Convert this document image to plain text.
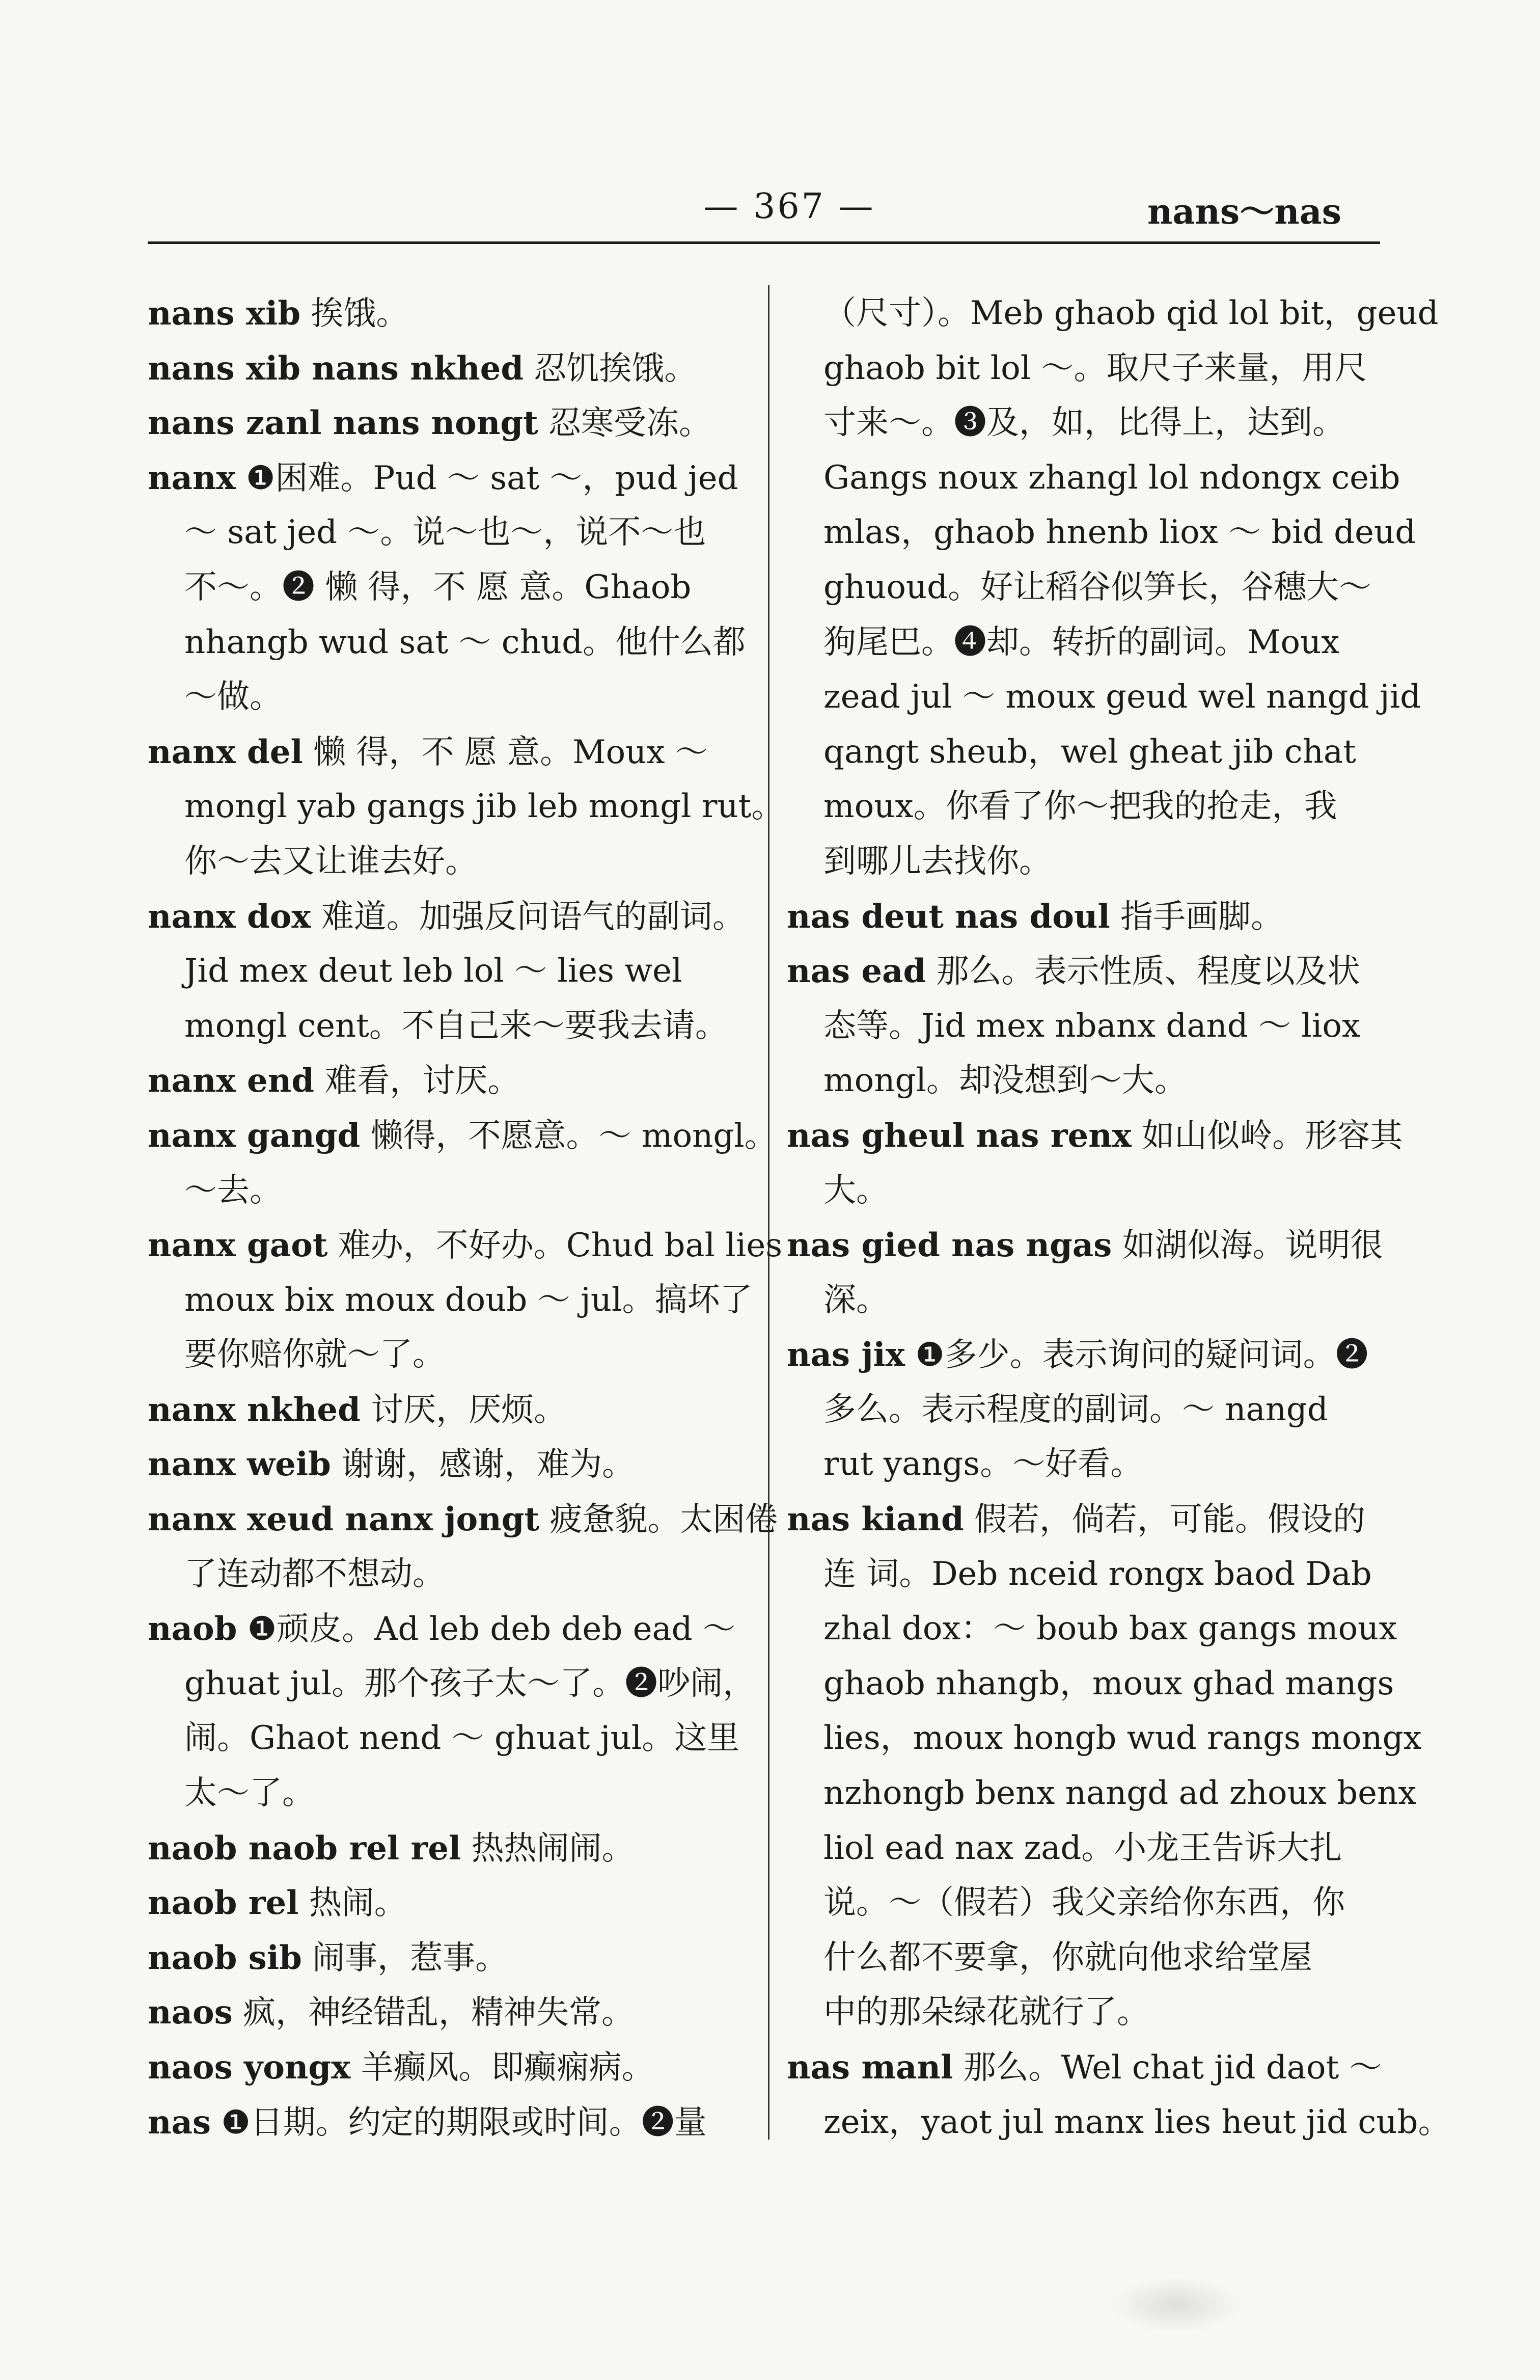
— 367 —	nans～nas
nans xib 挨饿。
nans xib nans nkhed 忍饥挨饿。
nans zanl nans nongt 忍寒受冻。
nanx ❶困难。Pud ～ sat ～，pud jed
～ sat jed ～。说～也～，说不～也
不～。❷ 懒 得，不 愿 意。Ghaob
nhangb wud sat ～ chud。他什么都
～做。
nanx del 懒 得，不 愿 意。Moux ～
mongl yab gangs jib leb mongl rut。
你～去又让谁去好。
nanx dox 难道。加强反问语气的副词。
Jid mex deut leb lol ～ lies wel
mongl cent。不自己来～要我去请。
nanx end 难看，讨厌。
nanx gangd 懒得，不愿意。～ mongl。
～去。
nanx gaot 难办，不好办。Chud bal lies
moux bix moux doub ～ jul。搞坏了
要你赔你就～了。
nanx nkhed 讨厌，厌烦。
nanx weib 谢谢，感谢，难为。
nanx xeud nanx jongt 疲惫貌。太困倦
了连动都不想动。
naob ❶顽皮。Ad leb deb deb ead ～
ghuat jul。那个孩子太～了。❷吵闹，
闹。Ghaot nend ～ ghuat jul。这里
太～了。
naob naob rel rel 热热闹闹。
naob rel 热闹。
naob sib 闹事，惹事。
naos 疯，神经错乱，精神失常。
naos yongx 羊癫风。即癫痫病。
nas ❶日期。约定的期限或时间。❷量
（尺寸）。Meb ghaob qid lol bit，geud
ghaob bit lol ～。取尺子来量，用尺
寸来～。❸及，如，比得上，达到。
Gangs noux zhangl lol ndongx ceib
mlas，ghaob hnenb liox ～ bid deud
ghuoud。好让稻谷似笋长，谷穗大～
狗尾巴。❹却。转折的副词。Moux
zead jul ～ moux geud wel nangd jid
qangt sheub，wel gheat jib chat
moux。你看了你～把我的抢走，我
到哪儿去找你。
nas deut nas doul 指手画脚。
nas ead 那么。表示性质、程度以及状
态等。Jid mex nbanx dand ～ liox
mongl。却没想到～大。
nas gheul nas renx 如山似岭。形容其
大。
nas gied nas ngas 如湖似海。说明很
深。
nas jix ❶多少。表示询问的疑问词。❷
多么。表示程度的副词。～ nangd
rut yangs。～好看。
nas kiand 假若，倘若，可能。假设的
连 词。Deb nceid rongx baod Dab
zhal dox：～ boub bax gangs moux
ghaob nhangb，moux ghad mangs
lies，moux hongb wud rangs mongx
nzhongb benx nangd ad zhoux benx
liol ead nax zad。小龙王告诉大扎
说。～（假若）我父亲给你东西，你
什么都不要拿，你就向他求给堂屋
中的那朵绿花就行了。
nas manl 那么。Wel chat jid daot ～
zeix，yaot jul manx lies heut jid cub。
